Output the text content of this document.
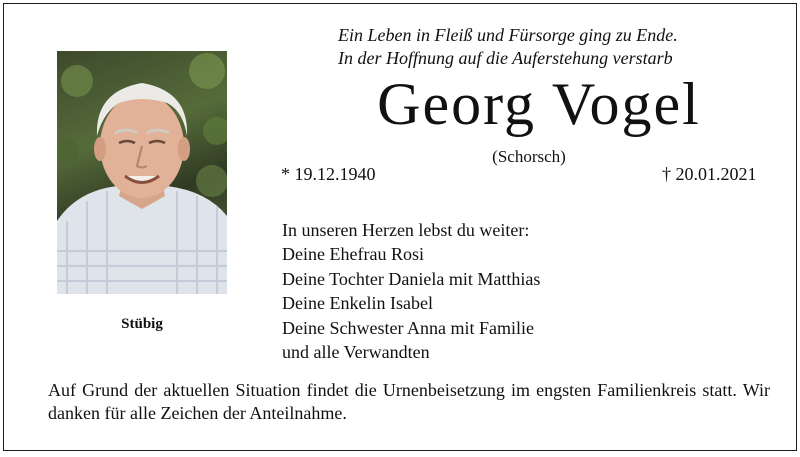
Stübig
Ein Leben in Fleiß und Fürsorge ging zu Ende.
In der Hoffnung auf die Auferstehung verstarb
Georg Vogel
(Schorsch)
* 19.12.1940	† 20.01.2021
In unseren Herzen lebst du weiter:
Deine Ehefrau Rosi
Deine Tochter Daniela mit Matthias
Deine Enkelin Isabel
Deine Schwester Anna mit Familie
und alle Verwandten
Auf Grund der aktuellen Situation findet die Urnenbeisetzung im engsten Familienkreis statt. Wir danken für alle Zeichen der Anteilnahme.
